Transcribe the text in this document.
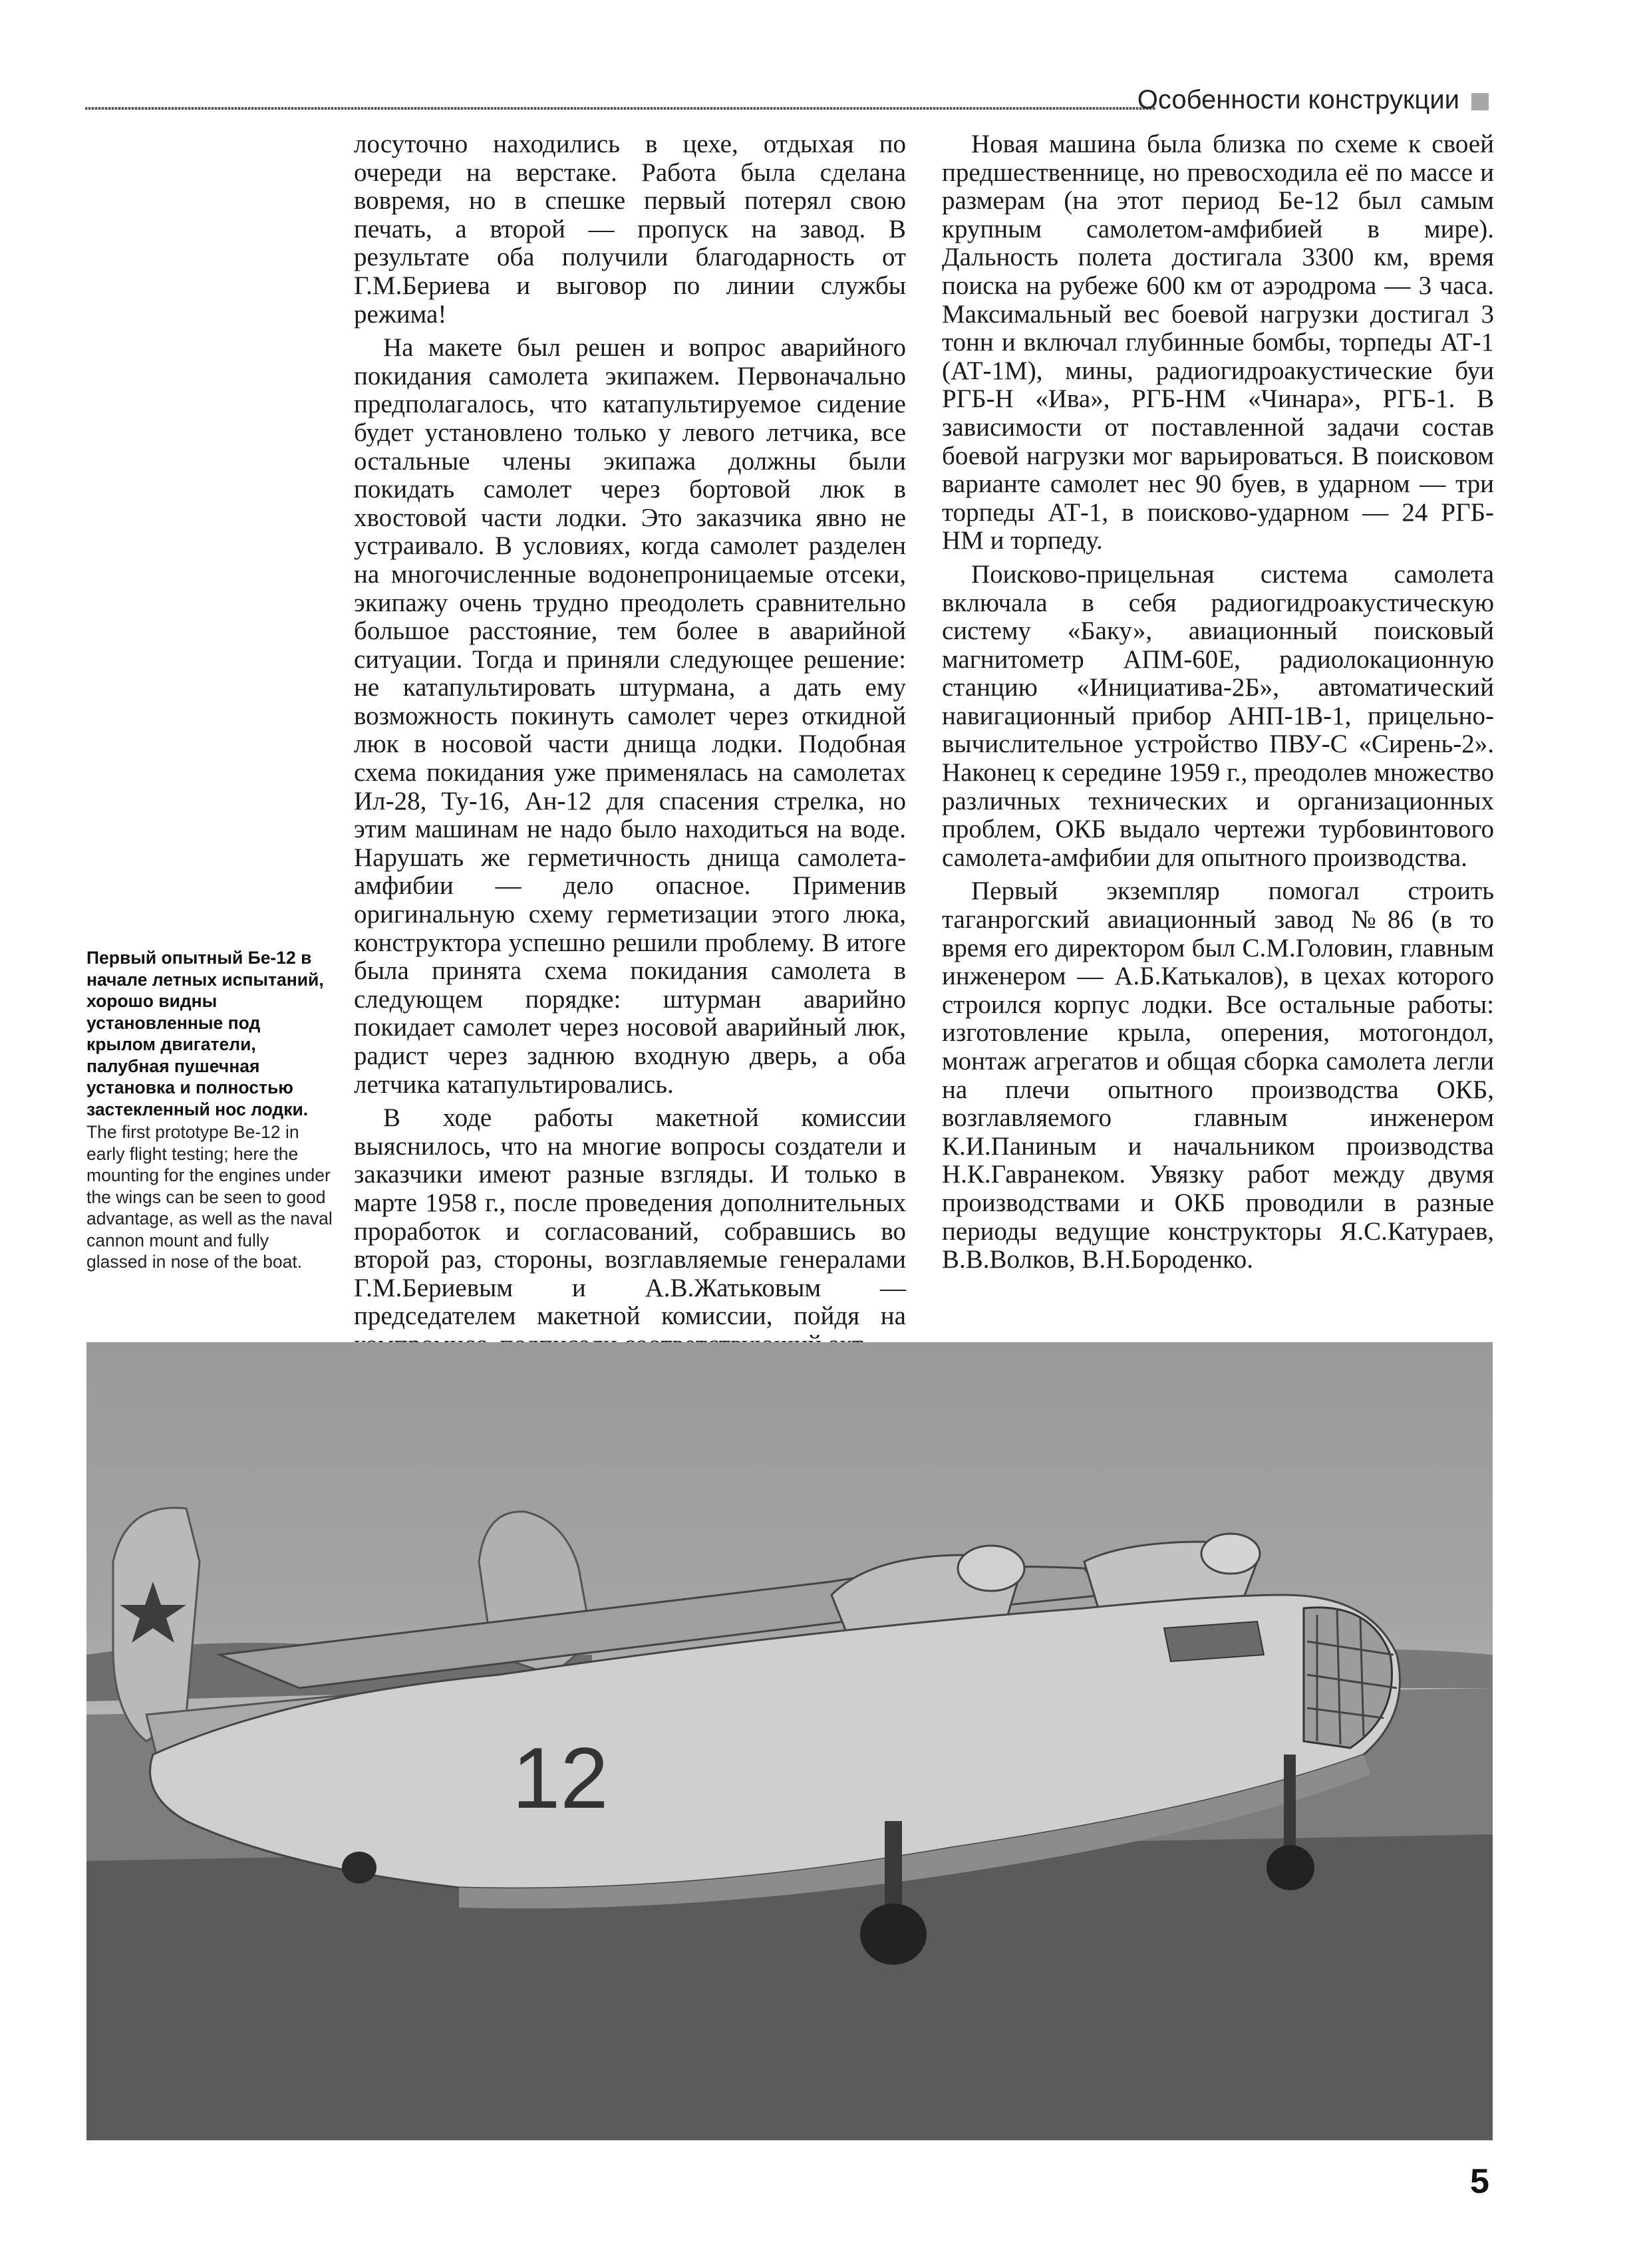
Особенности конструкции
Первый опытный Бе-12 в начале летных испытаний, хорошо видны установленные под крылом двигатели, палубная пушечная установка и полностью застекленный нос лодки.
The first prototype Be-12 in early flight testing; here the mounting for the engines under the wings can be seen to good advantage, as well as the naval cannon mount and fully glassed in nose of the boat.

лосуточно находились в цехе, отдыхая по очереди на верстаке. Работа была сделана вовремя, но в спешке первый потерял свою печать, а второй — пропуск на завод. В результате оба получили благодарность от Г.М.Бериева и выговор по линии службы режима!

На макете был решен и вопрос аварийного покидания самолета экипажем. Первоначально предполагалось, что катапультируемое сидение будет установлено только у левого летчика, все остальные члены экипажа должны были покидать самолет через бортовой люк в хвостовой части лодки. Это заказчика явно не устраивало. В условиях, когда самолет разделен на многочисленные водонепроницаемые отсеки, экипажу очень трудно преодолеть сравнительно большое расстояние, тем более в аварийной ситуации. Тогда и приняли следующее решение: не катапультировать штурмана, а дать ему возможность покинуть самолет через откидной люк в носовой части днища лодки. Подобная схема покидания уже применялась на самолетах Ил-28, Ту-16, Ан-12 для спасения стрелка, но этим машинам не надо было находиться на воде. Нарушать же герметичность днища самолета-амфибии — дело опасное. Применив оригинальную схему герметизации этого люка, конструктора успешно решили проблему. В итоге была принята схема покидания самолета в следующем порядке: штурман аварийно покидает самолет через носовой аварийный люк, радист через заднюю входную дверь, а оба летчика катапультировались.

В ходе работы макетной комиссии выяснилось, что на многие вопросы создатели и заказчики имеют разные взгляды. И только в марте 1958 г., после проведения дополнительных проработок и согласований, собравшись во второй раз, стороны, возглавляемые генералами Г.М.Бериевым и А.В.Жатьковым — председателем макетной комиссии, пойдя на

Новая машина была близка по схеме к своей предшественнице, но превосходила её по массе и размерам (на этот период Бе-12 был самым крупным самолетом-амфибией в мире). Дальность полета достигала 3300 км, время поиска на рубеже 600 км от аэродрома — 3 часа. Максимальный вес боевой нагрузки достигал 3 тонн и включал глубинные бомбы, торпеды АТ-1 (АТ-1М), мины, радиогидроакустические буи РГБ-Н «Ива», РГБ-НМ «Чинара», РГБ-1. В зависимости от поставленной задачи состав боевой нагрузки мог варьироваться. В поисковом варианте самолет нес 90 буев, в ударном — три торпеды АТ-1, в поисково-ударном — 24 РГБ-НМ и торпеду.

Поисково-прицельная система самолета включала в себя радиогидроакустическую систему «Баку», авиационный поисковый магнитометр АПМ-60Е, радиолокационную станцию «Инициатива-2Б», автоматический навигационный прибор АНП-1В-1, прицельно-вычислительное устройство ПВУ-С «Сирень-2». Наконец к середине 1959 г., преодолев множество различных технических и организационных проблем, ОКБ выдало чертежи турбовинтового самолета-амфибии для опытного производства.

Первый экземпляр помогал строить таганрогский авиационный завод №86 (в то время его директором был С.М.Головин, главным инженером — А.Б.Катькалов), в цехах которого строился корпус лодки. Все остальные работы: изготовление крыла, оперения, мотогондол, монтаж агрегатов и общая сборка самолета легли на плечи опытного производства ОКБ, возглавляемого главным инженером К.И.Паниным и начальником производства Н.К.Гавранеком. Увязку работ между двумя производствами и ОКБ проводили в разные периоды ведущие конструкторы Я.С.Катураев, В.В.Волков, В.Н.Бороденко.

12
5
